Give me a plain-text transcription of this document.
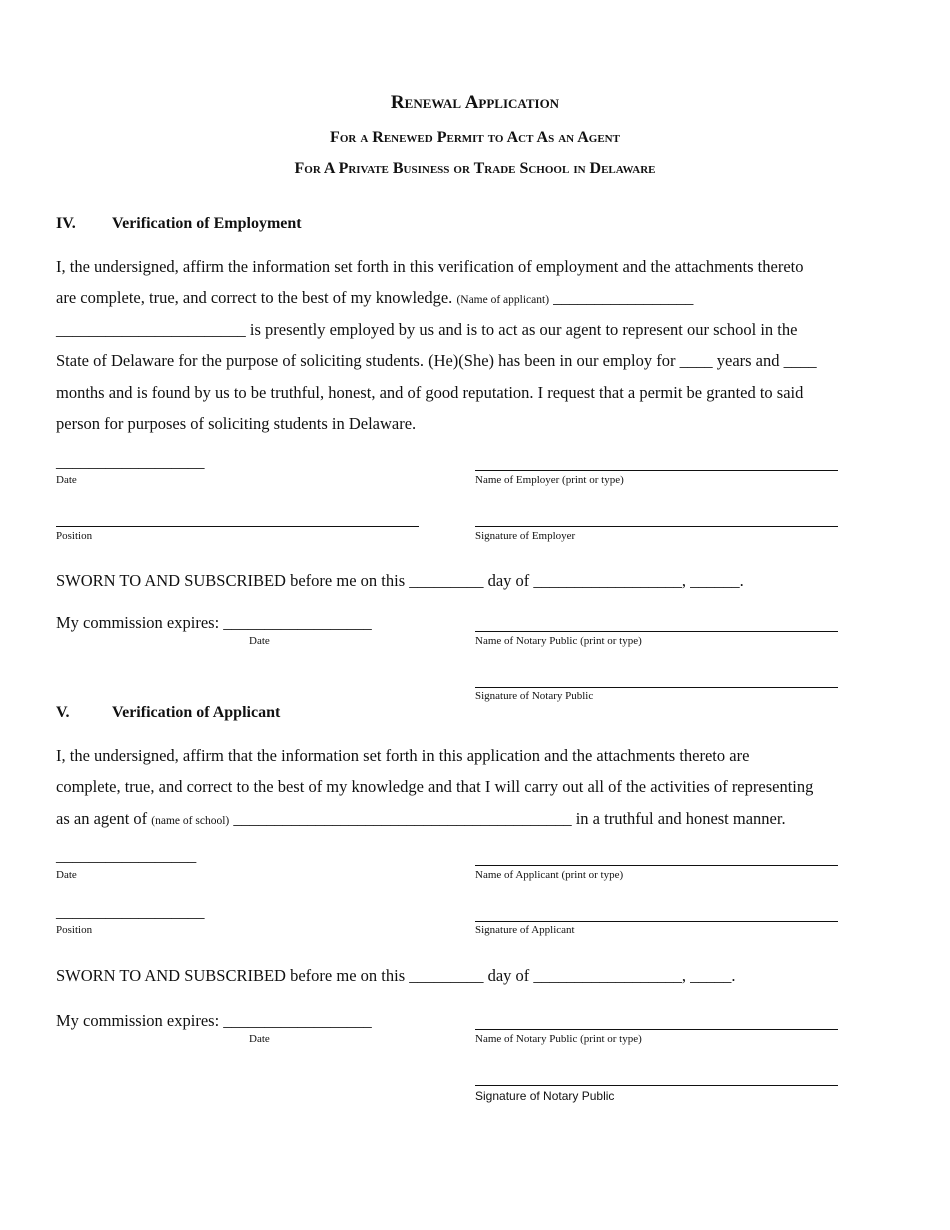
Renewal Application
For a Renewed Permit to Act As an Agent
For A Private Business or Trade School in Delaware
IV. Verification of Employment
I, the undersigned, affirm the information set forth in this verification of employment and the attachments thereto
are complete, true, and correct to the best of my knowledge. (Name of applicant) _________________
_______________________ is presently employed by us and is to act as our agent to represent our school in the
State of Delaware for the purpose of soliciting students. (He)(She) has been in our employ for ____ years and ____
months and is found by us to be truthful, honest, and of good reputation. I request that a permit be granted to said
person for purposes of soliciting students in Delaware.
__________________
Date	Name of Employer (print or type)
Position	Signature of Employer
SWORN TO AND SUBSCRIBED before me on this _________ day of __________________, ______.
My commission expires: __________________
Date	Name of Notary Public (print or type)
Signature of Notary Public
V.	Verification of Applicant
I, the undersigned, affirm that the information set forth in this application and the attachments thereto are
complete, true, and correct to the best of my knowledge and that I will carry out all of the activities of representing
as an agent of (name of school) _________________________________________ in a truthful and honest manner.
_________________
Date	Name of Applicant (print or type)
__________________
Position	Signature of Applicant
SWORN TO AND SUBSCRIBED before me on this _________ day of __________________, _____.
My commission expires: __________________
Date	Name of Notary Public (print or type)
Signature of Notary Public
